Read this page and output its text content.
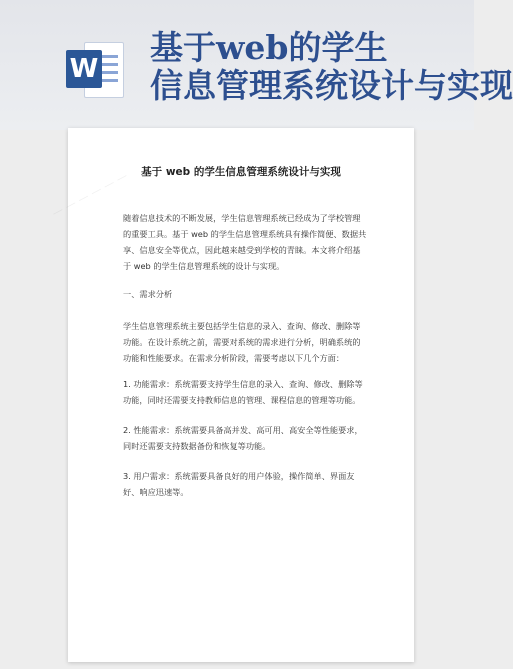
W
基于web的学生
信息管理系统设计与实现
基于 web 的学生信息管理系统设计与实现

随着信息技术的不断发展，学生信息管理系统已经成为了学校管理的重要工具。基于 web 的学生信息管理系统具有操作简便、数据共享、信息安全等优点，因此越来越受到学校的青睐。本文将介绍基于 web 的学生信息管理系统的设计与实现。

一、需求分析

学生信息管理系统主要包括学生信息的录入、查询、修改、删除等功能。在设计系统之前，需要对系统的需求进行分析，明确系统的功能和性能要求。在需求分析阶段，需要考虑以下几个方面：

1. 功能需求：系统需要支持学生信息的录入、查询、修改、删除等功能，同时还需要支持教师信息的管理、课程信息的管理等功能。

2. 性能需求：系统需要具备高并发、高可用、高安全等性能要求，同时还需要支持数据备份和恢复等功能。

3. 用户需求：系统需要具备良好的用户体验，操作简单、界面友好、响应迅速等。

— — — — — —
